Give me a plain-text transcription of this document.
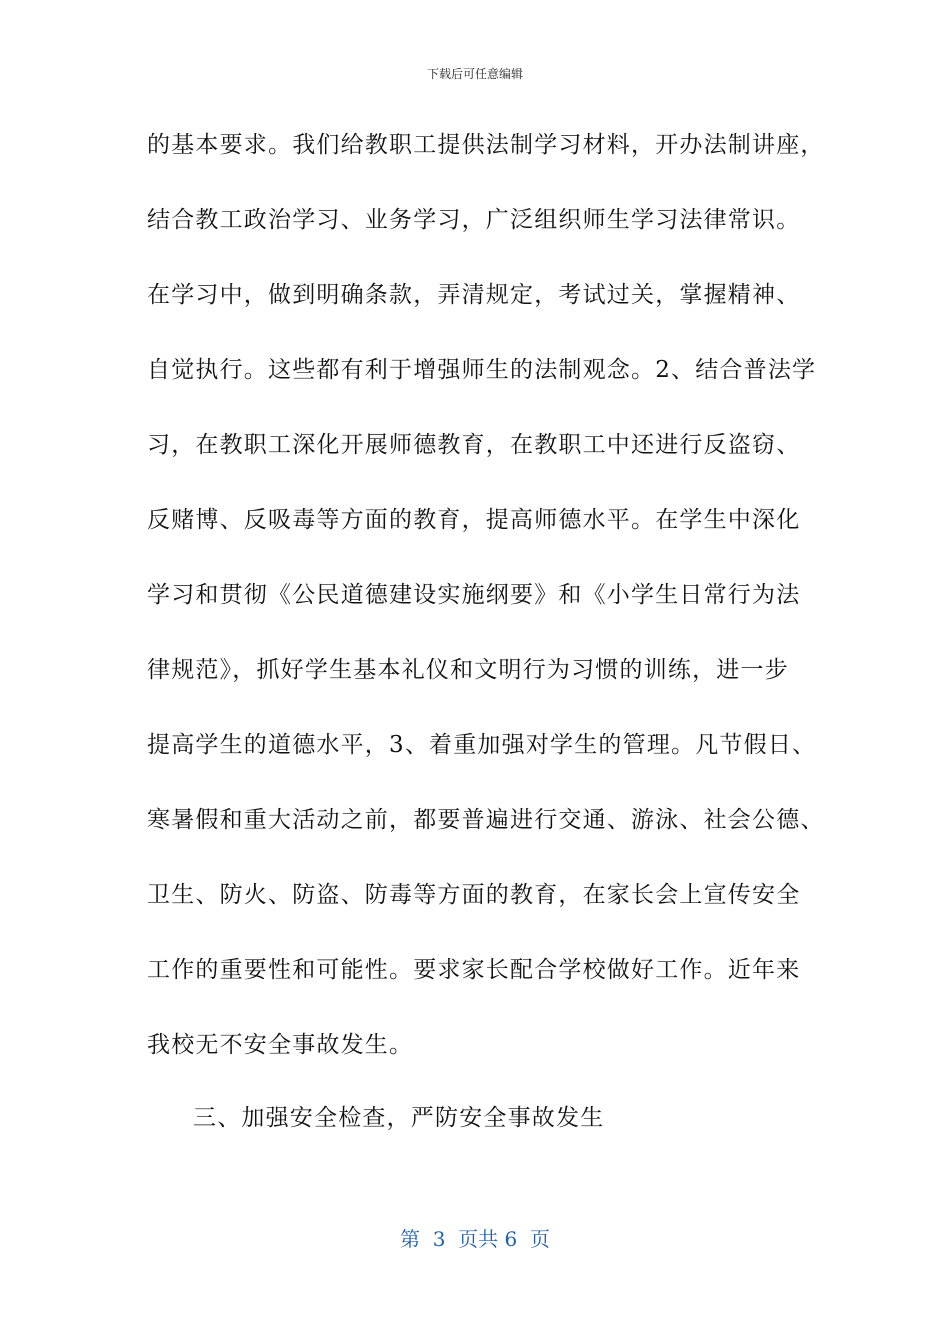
下载后可任意编辑
的基本要求。我们给教职工提供法制学习材料，开办法制讲座，
结合教工政治学习、业务学习，广泛组织师生学习法律常识。
在学习中，做到明确条款，弄清规定，考试过关，掌握精神、
自觉执行。这些都有利于增强师生的法制观念。2、结合普法学
习，在教职工深化开展师德教育，在教职工中还进行反盗窃、
反赌博、反吸毒等方面的教育，提高师德水平。在学生中深化
学习和贯彻《公民道德建设实施纲要》和《小学生日常行为法
律规范》，抓好学生基本礼仪和文明行为习惯的训练，进一步
提高学生的道德水平，3、着重加强对学生的管理。凡节假日、
寒暑假和重大活动之前，都要普遍进行交通、游泳、社会公德、
卫生、防火、防盗、防毒等方面的教育，在家长会上宣传安全
工作的重要性和可能性。要求家长配合学校做好工作。近年来
我校无不安全事故发生。
三、加强安全检查，严防安全事故发生
第  3  页共 6  页
